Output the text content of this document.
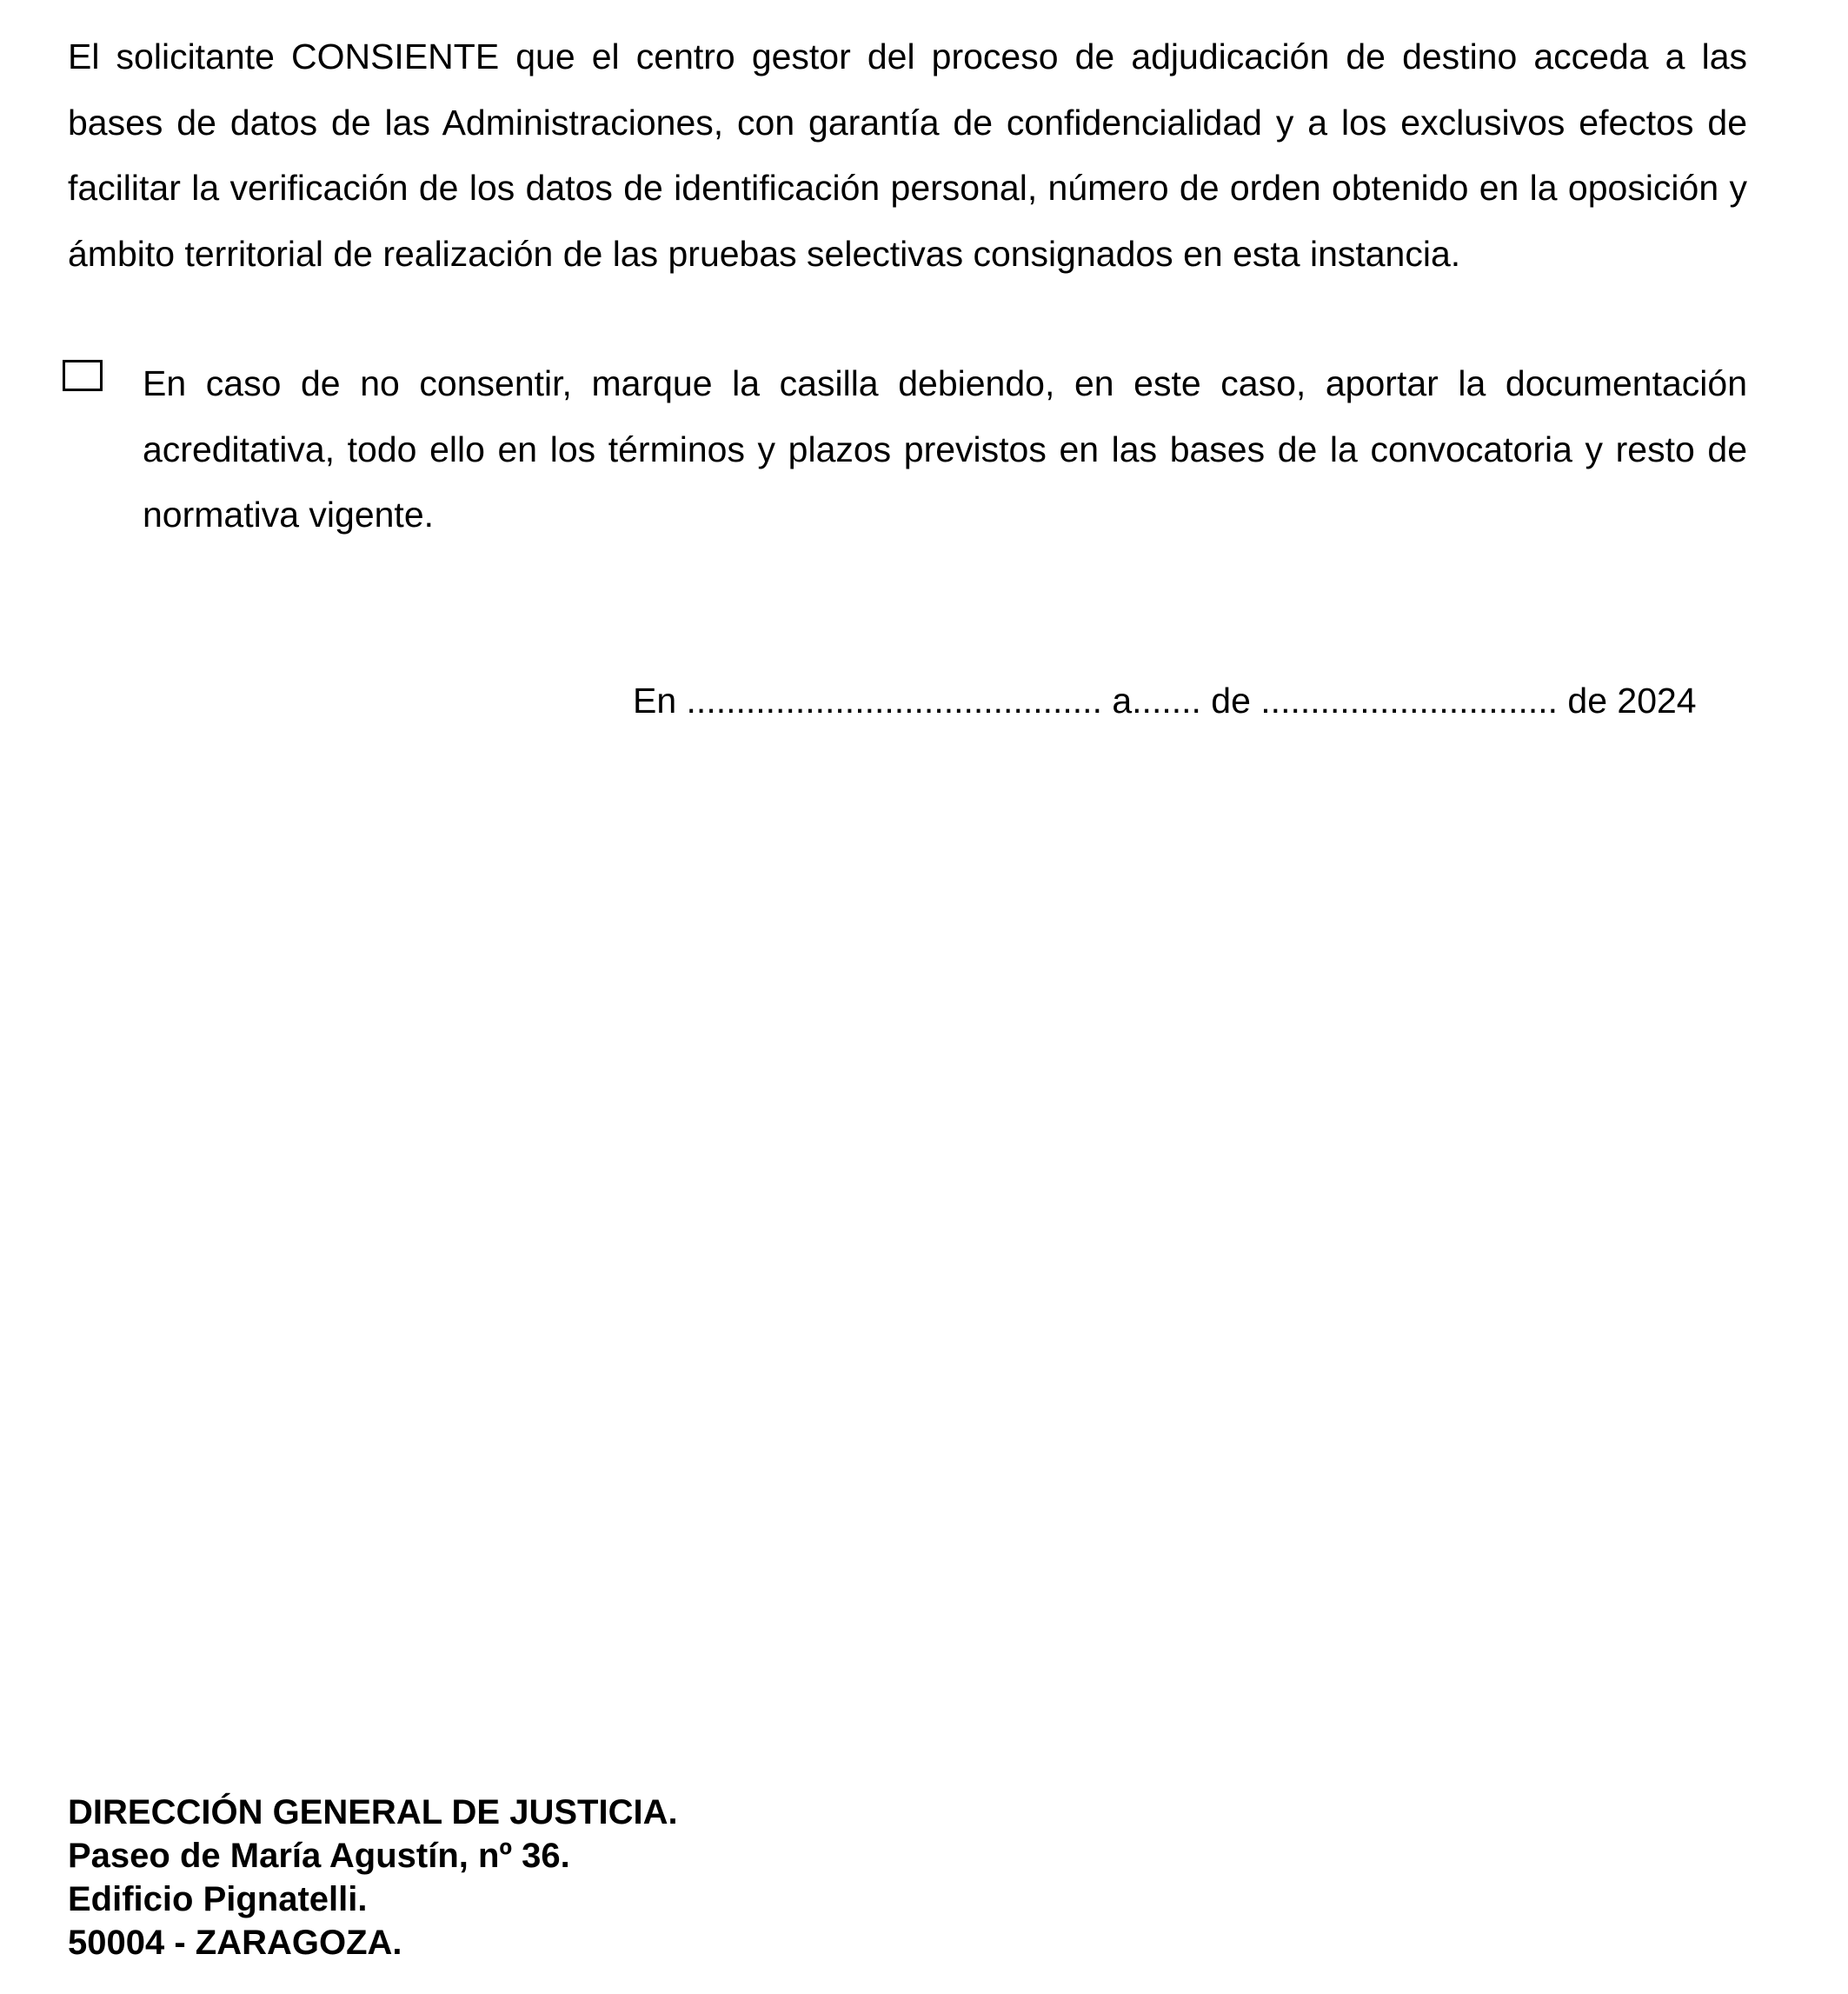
El solicitante CONSIENTE que el centro gestor del proceso de adjudicación de destino acceda a las bases de datos de las Administraciones, con garantía de confidencialidad y a los exclusivos efectos de facilitar la verificación de los datos de identificación personal, número de orden obtenido en la oposición y ámbito territorial de realización de las pruebas selectivas consignados en esta instancia.

En caso de no consentir, marque la casilla debiendo, en este caso, aportar la documentación acreditativa, todo ello en los términos y plazos previstos en las bases de la convocatoria y resto de normativa vigente.

En .......................................... a....... de .............................. de 2024

DIRECCIÓN GENERAL DE JUSTICIA.
Paseo de María Agustín, nº 36.
Edificio Pignatelli.
50004 - ZARAGOZA.
